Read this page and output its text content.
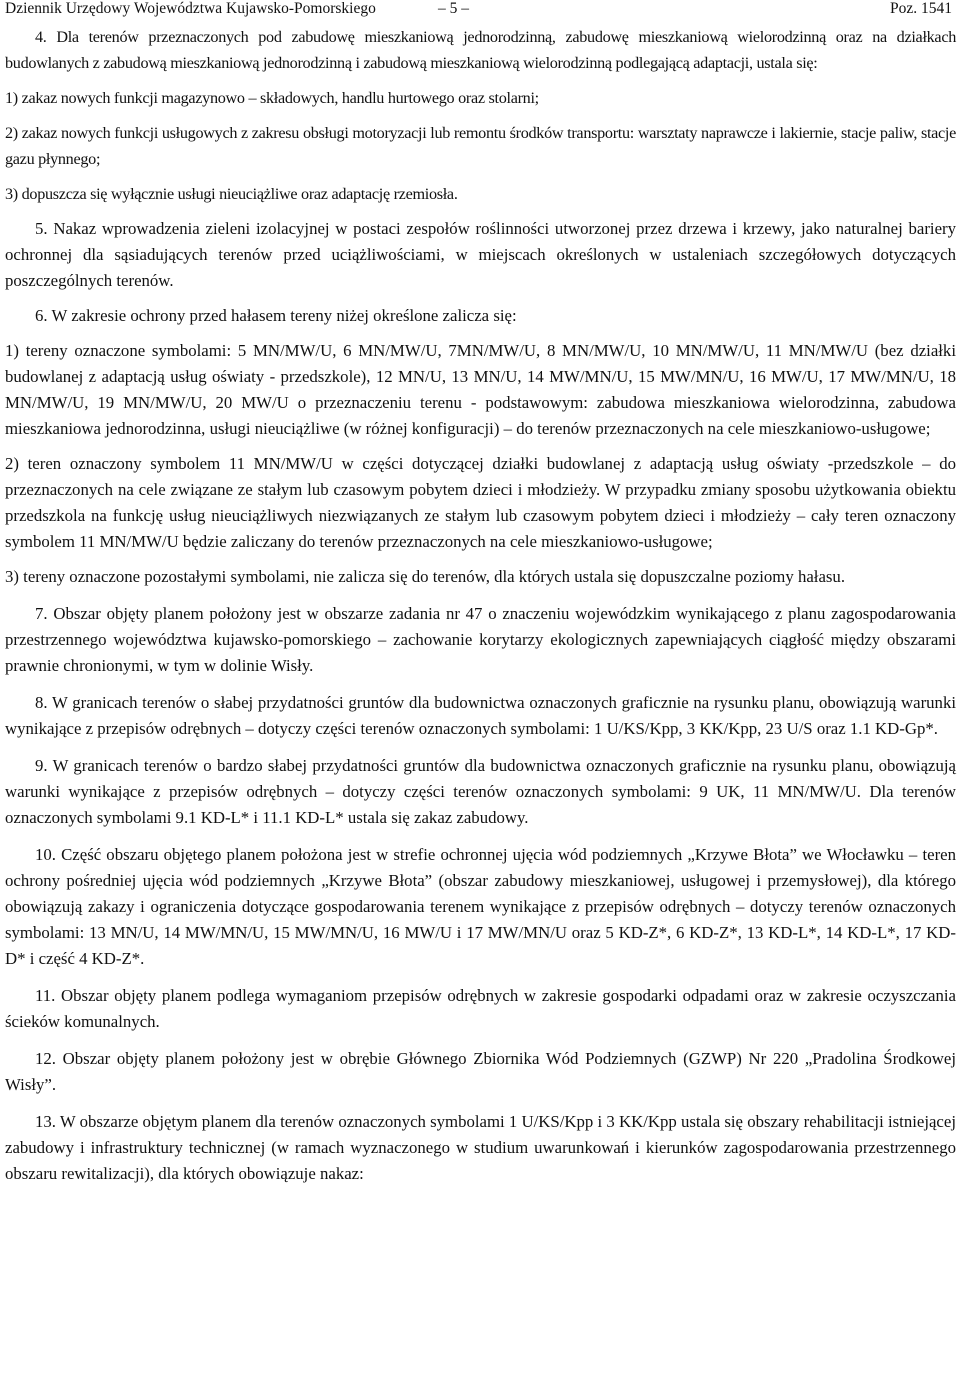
Dziennik Urzędowy Województwa Kujawsko-Pomorskiego	– 5 –	Poz. 1541

4. Dla terenów przeznaczonych pod zabudowę mieszkaniową jednorodzinną, zabudowę mieszkaniową wielorodzinną oraz na działkach budowlanych z zabudową mieszkaniową jednorodzinną i zabudową mieszkaniową wielorodzinną podlegającą adaptacji, ustala się:

1) zakaz nowych funkcji magazynowo – składowych, handlu hurtowego oraz stolarni;

2) zakaz nowych funkcji usługowych z zakresu obsługi motoryzacji lub remontu środków transportu: warsztaty naprawcze i lakiernie, stacje paliw, stacje gazu płynnego;

3) dopuszcza się wyłącznie usługi nieuciążliwe oraz adaptację rzemiosła.

5. Nakaz wprowadzenia zieleni izolacyjnej w postaci zespołów roślinności utworzonej przez drzewa i krzewy, jako naturalnej bariery ochronnej dla sąsiadujących terenów przed uciążliwościami, w miejscach określonych w ustaleniach szczegółowych dotyczących poszczególnych terenów.

6. W zakresie ochrony przed hałasem tereny niżej określone zalicza się:

1) tereny oznaczone symbolami: 5 MN/MW/U, 6 MN/MW/U, 7MN/MW/U, 8 MN/MW/U, 10 MN/MW/U, 11 MN/MW/U (bez działki budowlanej z adaptacją usług oświaty - przedszkole), 12 MN/U, 13 MN/U, 14 MW/MN/U, 15 MW/MN/U, 16 MW/U, 17 MW/MN/U, 18 MN/MW/U, 19 MN/MW/U, 20 MW/U o przeznaczeniu terenu - podstawowym: zabudowa mieszkaniowa wielorodzinna, zabudowa mieszkaniowa jednorodzinna, usługi nieuciążliwe (w różnej konfiguracji) – do terenów przeznaczonych na cele mieszkaniowo-usługowe;

2) teren oznaczony symbolem 11 MN/MW/U w części dotyczącej działki budowlanej z adaptacją usług oświaty -przedszkole – do przeznaczonych na cele związane ze stałym lub czasowym pobytem dzieci i młodzieży. W przypadku zmiany sposobu użytkowania obiektu przedszkola na funkcję usług nieuciążliwych niezwiązanych ze stałym lub czasowym pobytem dzieci i młodzieży – cały teren oznaczony symbolem 11 MN/MW/U będzie zaliczany do terenów przeznaczonych na cele mieszkaniowo-usługowe;

3) tereny oznaczone pozostałymi symbolami, nie zalicza się do terenów, dla których ustala się dopuszczalne poziomy hałasu.

7. Obszar objęty planem położony jest w obszarze zadania nr 47 o znaczeniu wojewódzkim wynikającego z planu zagospodarowania przestrzennego województwa kujawsko-pomorskiego – zachowanie korytarzy ekologicznych zapewniających ciągłość między obszarami prawnie chronionymi, w tym w dolinie Wisły.

8. W granicach terenów o słabej przydatności gruntów dla budownictwa oznaczonych graficznie na rysunku planu, obowiązują warunki wynikające z przepisów odrębnych – dotyczy części terenów oznaczonych symbolami: 1 U/KS/Kpp, 3 KK/Kpp, 23 U/S oraz 1.1 KD-Gp*.

9. W granicach terenów o bardzo słabej przydatności gruntów dla budownictwa oznaczonych graficznie na rysunku planu, obowiązują warunki wynikające z przepisów odrębnych – dotyczy części terenów oznaczonych symbolami: 9 UK, 11 MN/MW/U. Dla terenów oznaczonych symbolami 9.1 KD-L* i 11.1 KD-L* ustala się zakaz zabudowy.

10. Część obszaru objętego planem położona jest w strefie ochronnej ujęcia wód podziemnych „Krzywe Błota” we Włocławku – teren ochrony pośredniej ujęcia wód podziemnych „Krzywe Błota” (obszar zabudowy mieszkaniowej, usługowej i przemysłowej), dla którego obowiązują zakazy i ograniczenia dotyczące gospodarowania terenem wynikające z przepisów odrębnych – dotyczy terenów oznaczonych symbolami: 13 MN/U, 14 MW/MN/U, 15 MW/MN/U, 16 MW/U i 17 MW/MN/U oraz 5 KD-Z*, 6 KD-Z*, 13 KD-L*, 14 KD-L*, 17 KD-D* i część 4 KD-Z*.

11. Obszar objęty planem podlega wymaganiom przepisów odrębnych w zakresie gospodarki odpadami oraz w zakresie oczyszczania ścieków komunalnych.

12. Obszar objęty planem położony jest w obrębie Głównego Zbiornika Wód Podziemnych (GZWP) Nr 220 „Pradolina Środkowej Wisły”.

13. W obszarze objętym planem dla terenów oznaczonych symbolami 1 U/KS/Kpp i 3 KK/Kpp ustala się obszary rehabilitacji istniejącej zabudowy i infrastruktury technicznej (w ramach wyznaczonego w studium uwarunkowań i kierunków zagospodarowania przestrzennego obszaru rewitalizacji), dla których obowiązuje nakaz:
